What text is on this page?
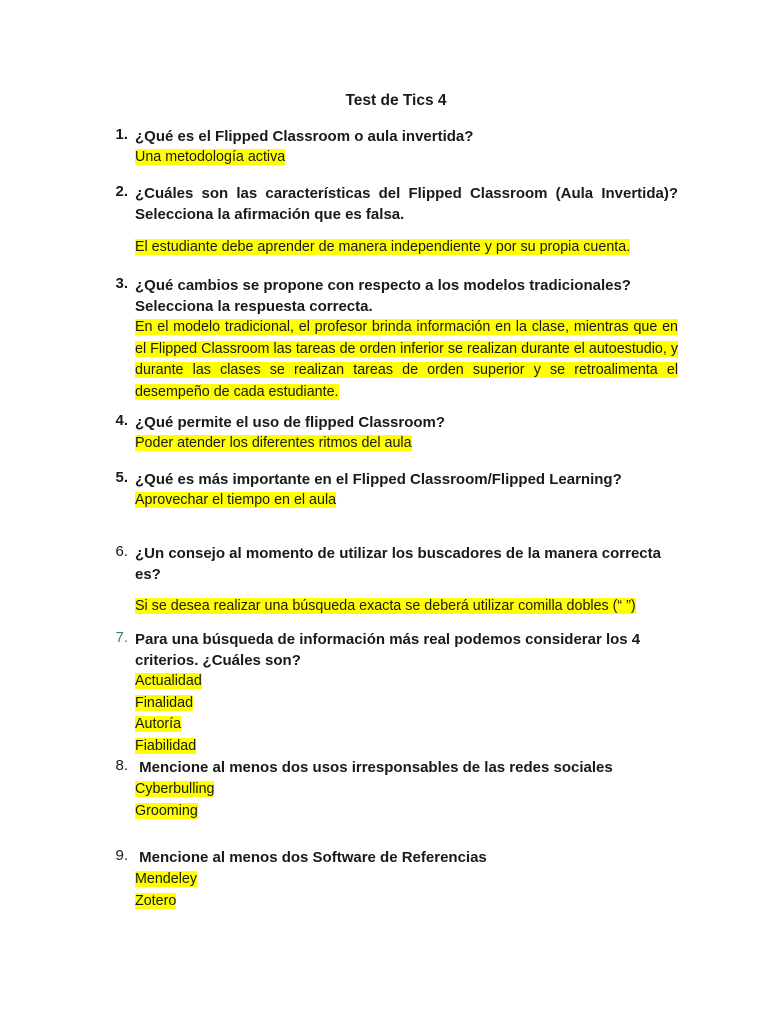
Test de Tics 4
1. ¿Qué es el Flipped Classroom o aula invertida?
Una metodología activa
2. ¿Cuáles son las características del Flipped Classroom (Aula Invertida)? Selecciona la afirmación que es falsa.
El estudiante debe aprender de manera independiente y por su propia cuenta.
3. ¿Qué cambios se propone con respecto a los modelos tradicionales? Selecciona la respuesta correcta.
En el modelo tradicional, el profesor brinda información en la clase, mientras que en el Flipped Classroom las tareas de orden inferior se realizan durante el autoestudio, y durante las clases se realizan tareas de orden superior y se retroalimenta el desempeño de cada estudiante.
4. ¿Qué permite el uso de flipped Classroom?
Poder atender los diferentes ritmos del aula
5. ¿Qué es más importante en el Flipped Classroom/Flipped Learning?
Aprovechar el tiempo en el aula
6. ¿Un consejo al momento de utilizar los buscadores de la manera correcta es?
Si se desea realizar una búsqueda exacta se deberá utilizar comilla dobles (“ ”)
7. Para una búsqueda de información más real podemos considerar los 4 criterios. ¿Cuáles son?
Actualidad
Finalidad
Autoría
Fiabilidad
8. Mencione al menos dos usos irresponsables de las redes sociales
Cyberbulling
Grooming
9. Mencione al menos dos Software de Referencias
Mendeley
Zotero
